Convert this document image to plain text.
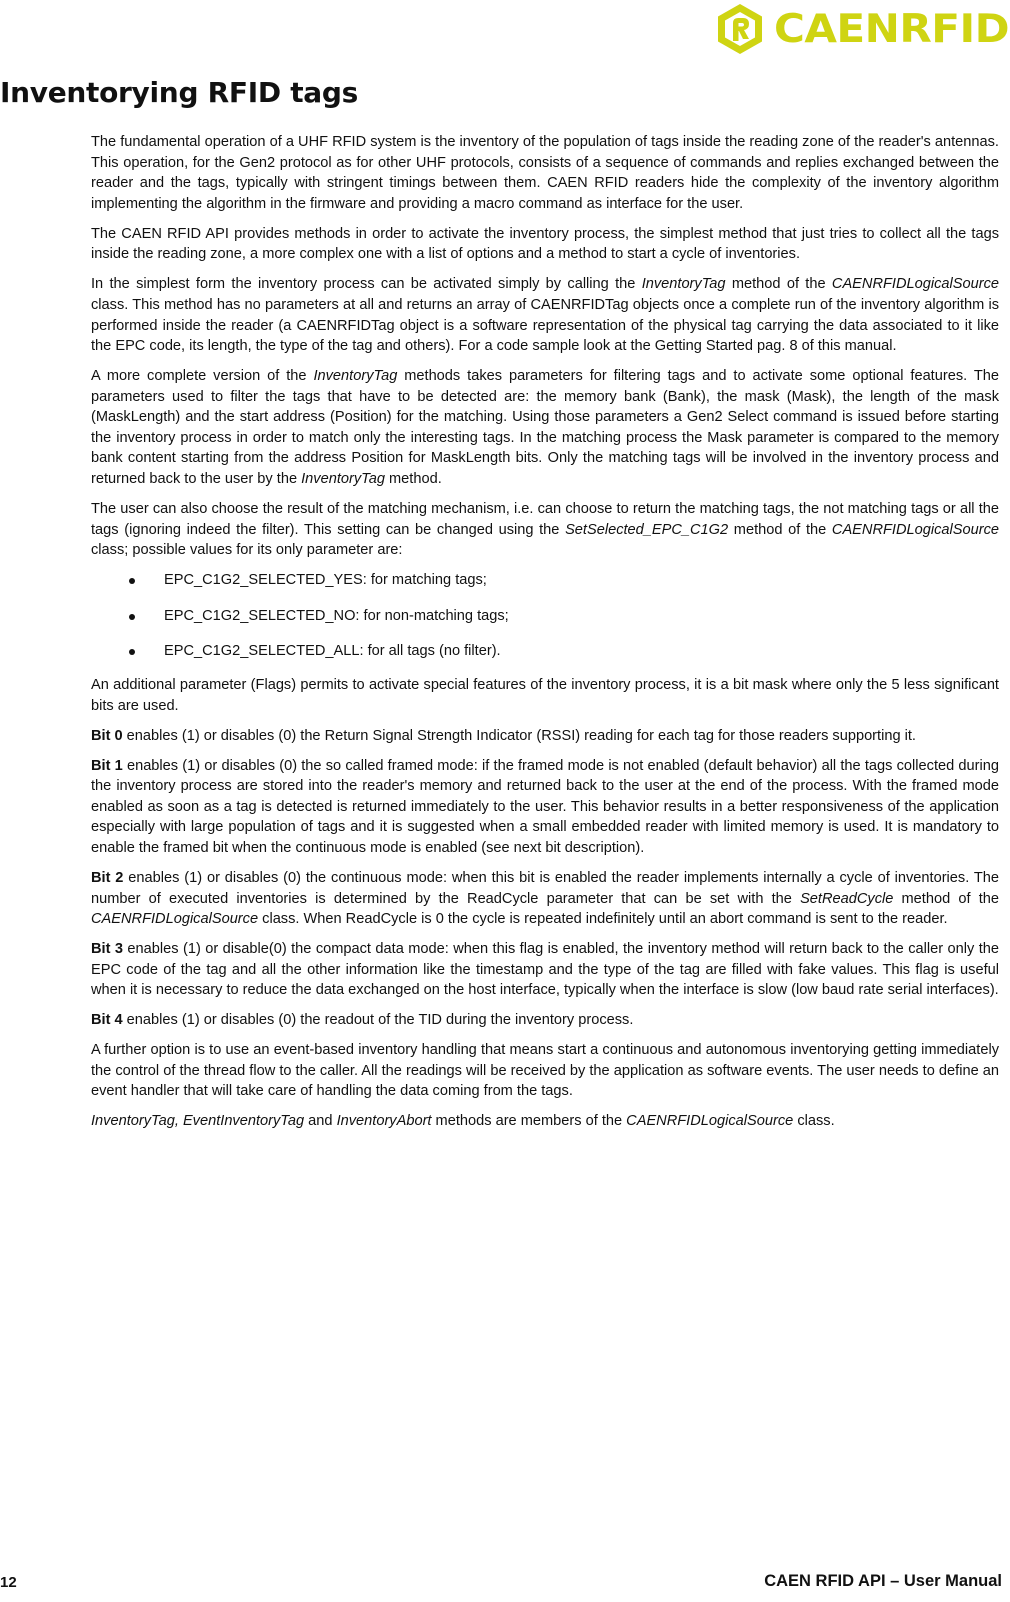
CAENRFID
Inventorying RFID tags

The fundamental operation of a UHF RFID system is the inventory of the population of tags inside the reading zone of the reader's antennas. This operation, for the Gen2 protocol as for other UHF protocols, consists of a sequence of commands and replies exchanged between the reader and the tags, typically with stringent timings between them. CAEN RFID readers hide the complexity of the inventory algorithm implementing the algorithm in the firmware and providing a macro command as interface for the user.

The CAEN RFID API provides methods in order to activate the inventory process, the simplest method that just tries to collect all the tags inside the reading zone, a more complex one with a list of options and a method to start a cycle of inventories.

In the simplest form the inventory process can be activated simply by calling the InventoryTag method of the CAENRFIDLogicalSource class. This method has no parameters at all and returns an array of CAENRFIDTag objects once a complete run of the inventory algorithm is performed inside the reader (a CAENRFIDTag object is a software representation of the physical tag carrying the data associated to it like the EPC code, its length, the type of the tag and others). For a code sample look at the Getting Started pag. 8 of this manual.

A more complete version of the InventoryTag methods takes parameters for filtering tags and to activate some optional features. The parameters used to filter the tags that have to be detected are: the memory bank (Bank), the mask (Mask), the length of the mask (MaskLength) and the start address (Position) for the matching. Using those parameters a Gen2 Select command is issued before starting the inventory process in order to match only the interesting tags. In the matching process the Mask parameter is compared to the memory bank content starting from the address Position for MaskLength bits. Only the matching tags will be involved in the inventory process and returned back to the user by the InventoryTag method.

The user can also choose the result of the matching mechanism, i.e. can choose to return the matching tags, the not matching tags or all the tags (ignoring indeed the filter). This setting can be changed using the SetSelected_EPC_C1G2 method of the CAENRFIDLogicalSource class; possible values for its only parameter are:

EPC_C1G2_SELECTED_YES: for matching tags;
EPC_C1G2_SELECTED_NO: for non-matching tags;
EPC_C1G2_SELECTED_ALL: for all tags (no filter).

An additional parameter (Flags) permits to activate special features of the inventory process, it is a bit mask where only the 5 less significant bits are used.

Bit 0 enables (1) or disables (0) the Return Signal Strength Indicator (RSSI) reading for each tag for those readers supporting it.

Bit 1 enables (1) or disables (0) the so called framed mode: if the framed mode is not enabled (default behavior) all the tags collected during the inventory process are stored into the reader's memory and returned back to the user at the end of the process. With the framed mode enabled as soon as a tag is detected is returned immediately to the user. This behavior results in a better responsiveness of the application especially with large population of tags and it is suggested when a small embedded reader with limited memory is used. It is mandatory to enable the framed bit when the continuous mode is enabled (see next bit description).

Bit 2 enables (1) or disables (0) the continuous mode: when this bit is enabled the reader implements internally a cycle of inventories. The number of executed inventories is determined by the ReadCycle parameter that can be set with the SetReadCycle method of the CAENRFIDLogicalSource class. When ReadCycle is 0 the cycle is repeated indefinitely until an abort command is sent to the reader.

Bit 3 enables (1) or disable(0) the compact data mode: when this flag is enabled, the inventory method will return back to the caller only the EPC code of the tag and all the other information like the timestamp and the type of the tag are filled with fake values. This flag is useful when it is necessary to reduce the data exchanged on the host interface, typically when the interface is slow (low baud rate serial interfaces).

Bit 4 enables (1) or disables (0) the readout of the TID during the inventory process.

A further option is to use an event-based inventory handling that means start a continuous and autonomous inventorying getting immediately the control of the thread flow to the caller. All the readings will be received by the application as software events. The user needs to define an event handler that will take care of handling the data coming from the tags.

InventoryTag, EventInventoryTag and InventoryAbort methods are members of the CAENRFIDLogicalSource class.

12	CAEN RFID API – User Manual
